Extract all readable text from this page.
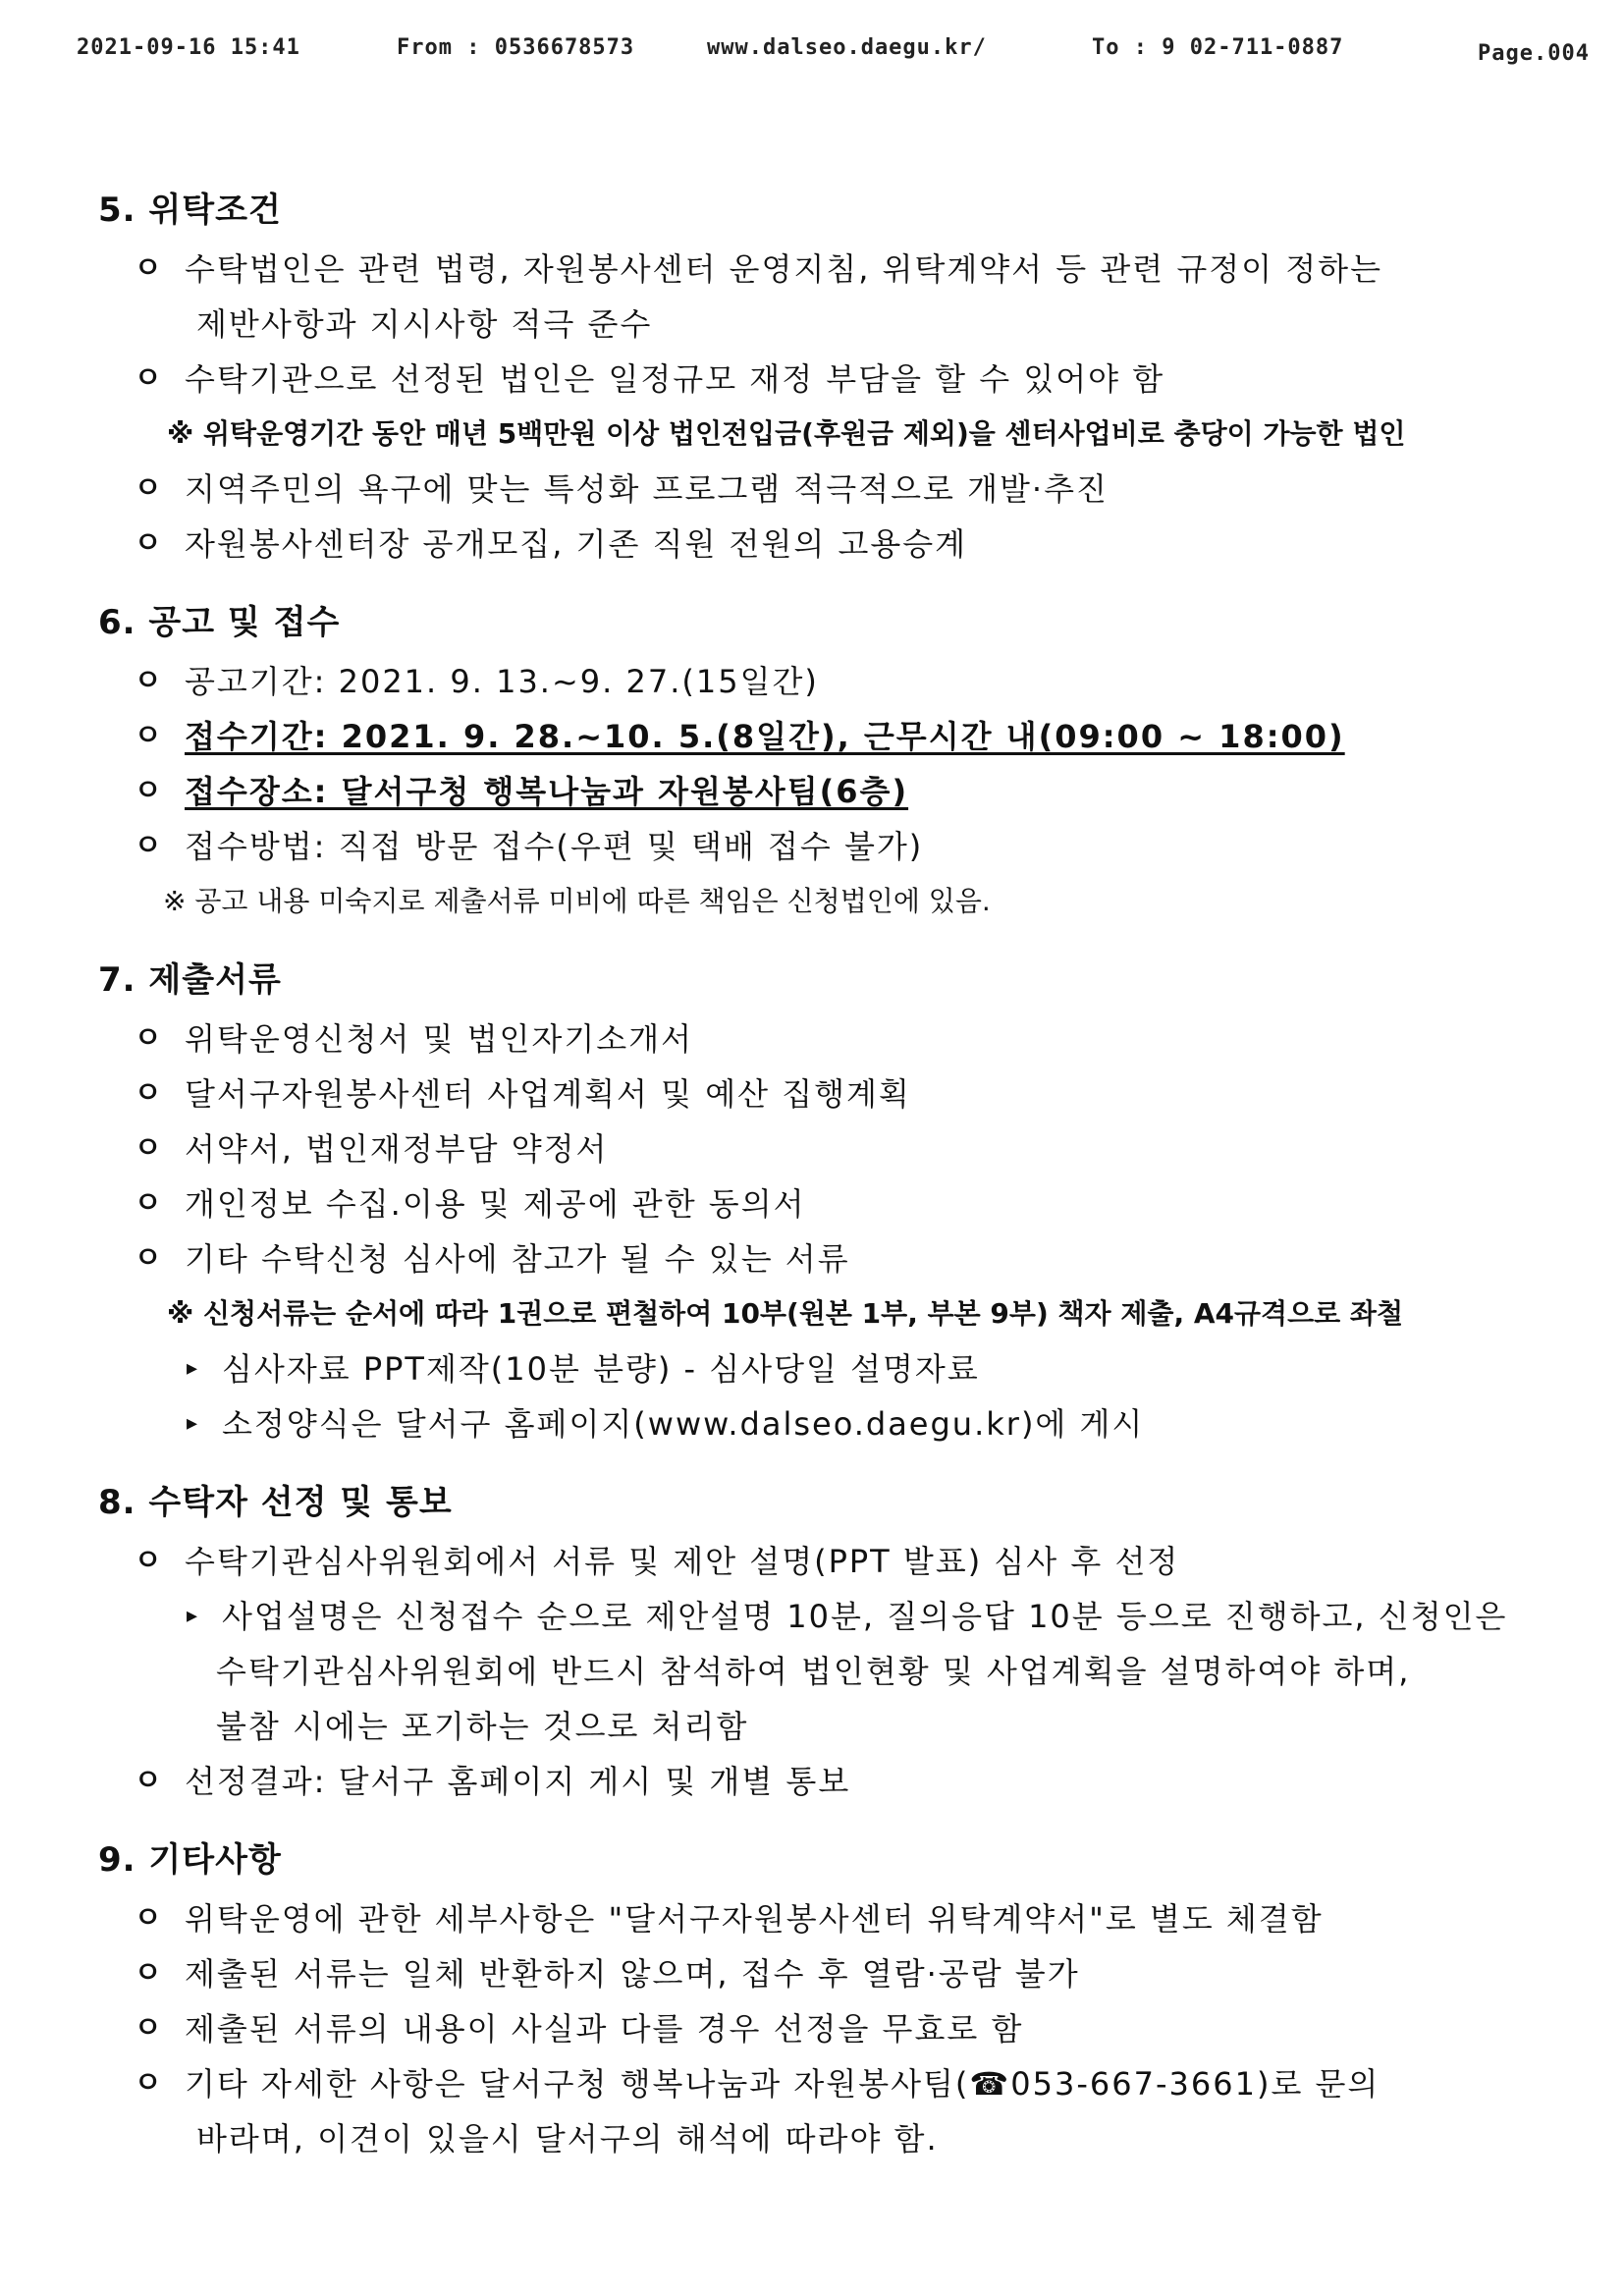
2021-09-16 15:41	From : 0536678573	www.dalseo.daegu.kr/	To : 9 02-711-0887	Page.004
5. 위탁조건
ㅇ 수탁법인은 관련 법령, 자원봉사센터 운영지침, 위탁계약서 등 관련 규정이 정하는
제반사항과 지시사항 적극 준수
ㅇ 수탁기관으로 선정된 법인은 일정규모 재정 부담을 할 수 있어야 함
※ 위탁운영기간 동안 매년 5백만원 이상 법인전입금(후원금 제외)을 센터사업비로 충당이 가능한 법인
ㅇ 지역주민의 욕구에 맞는 특성화 프로그램 적극적으로 개발·추진
ㅇ 자원봉사센터장 공개모집, 기존 직원 전원의 고용승계
6. 공고 및 접수
ㅇ 공고기간: 2021. 9. 13.~9. 27.(15일간)
ㅇ 접수기간: 2021. 9. 28.~10. 5.(8일간), 근무시간 내(09:00 ~ 18:00)
ㅇ 접수장소: 달서구청 행복나눔과 자원봉사팀(6층)
ㅇ 접수방법: 직접 방문 접수(우편 및 택배 접수 불가)
※ 공고 내용 미숙지로 제출서류 미비에 따른 책임은 신청법인에 있음.
7. 제출서류
ㅇ 위탁운영신청서 및 법인자기소개서
ㅇ 달서구자원봉사센터 사업계획서 및 예산 집행계획
ㅇ 서약서, 법인재정부담 약정서
ㅇ 개인정보 수집.이용 및 제공에 관한 동의서
ㅇ 기타 수탁신청 심사에 참고가 될 수 있는 서류
※ 신청서류는 순서에 따라 1권으로 편철하여 10부(원본 1부, 부본 9부) 책자 제출, A4규격으로 좌철
▸ 심사자료 PPT제작(10분 분량) - 심사당일 설명자료
▸ 소정양식은 달서구 홈페이지(www.dalseo.daegu.kr)에 게시
8. 수탁자 선정 및 통보
ㅇ 수탁기관심사위원회에서 서류 및 제안 설명(PPT 발표) 심사 후 선정
▸ 사업설명은 신청접수 순으로 제안설명 10분, 질의응답 10분 등으로 진행하고, 신청인은
수탁기관심사위원회에 반드시 참석하여 법인현황 및 사업계획을 설명하여야 하며,
불참 시에는 포기하는 것으로 처리함
ㅇ 선정결과: 달서구 홈페이지 게시 및 개별 통보
9. 기타사항
ㅇ 위탁운영에 관한 세부사항은 "달서구자원봉사센터 위탁계약서"로 별도 체결함
ㅇ 제출된 서류는 일체 반환하지 않으며, 접수 후 열람·공람 불가
ㅇ 제출된 서류의 내용이 사실과 다를 경우 선정을 무효로 함
ㅇ 기타 자세한 사항은 달서구청 행복나눔과 자원봉사팀(☎053-667-3661)로 문의
바라며, 이견이 있을시 달서구의 해석에 따라야 함.
